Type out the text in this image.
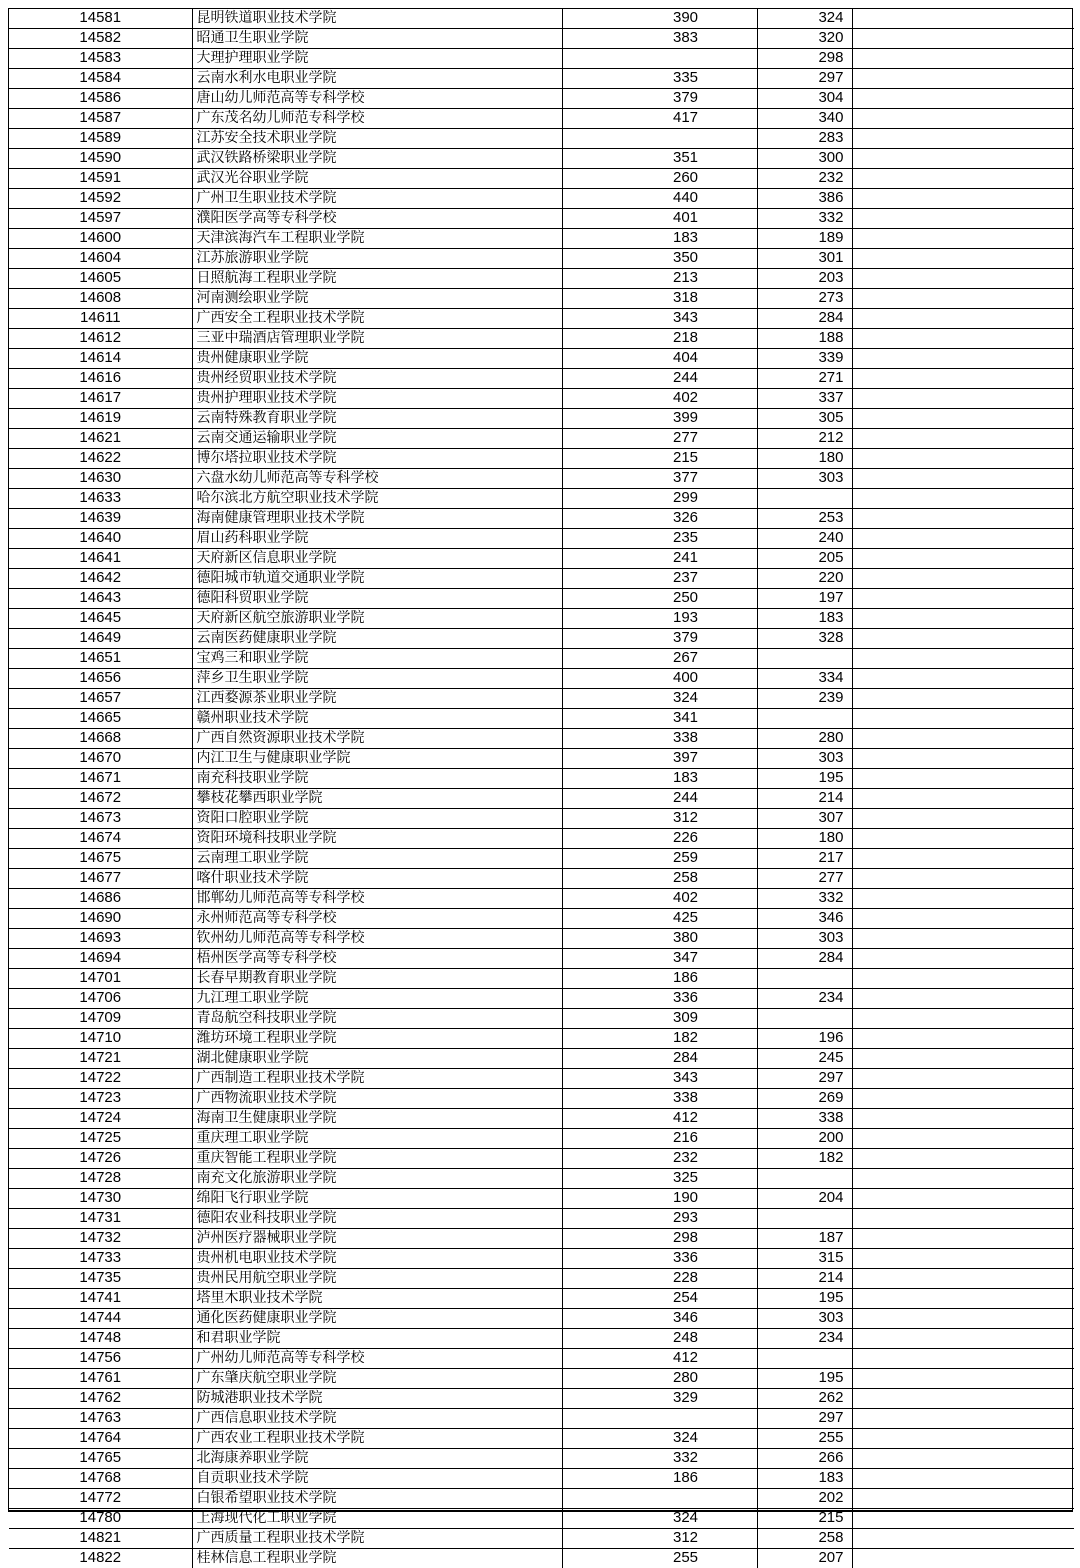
14581	昆明铁道职业技术学院	390	324	
14582	昭通卫生职业学院	383	320	
14583	大理护理职业学院		298	
14584	云南水利水电职业学院	335	297	
14586	唐山幼儿师范高等专科学校	379	304	
14587	广东茂名幼儿师范专科学校	417	340	
14589	江苏安全技术职业学院		283	
14590	武汉铁路桥梁职业学院	351	300	
14591	武汉光谷职业学院	260	232	
14592	广州卫生职业技术学院	440	386	
14597	濮阳医学高等专科学校	401	332	
14600	天津滨海汽车工程职业学院	183	189	
14604	江苏旅游职业学院	350	301	
14605	日照航海工程职业学院	213	203	
14608	河南测绘职业学院	318	273	
14611	广西安全工程职业技术学院	343	284	
14612	三亚中瑞酒店管理职业学院	218	188	
14614	贵州健康职业学院	404	339	
14616	贵州经贸职业技术学院	244	271	
14617	贵州护理职业技术学院	402	337	
14619	云南特殊教育职业学院	399	305	
14621	云南交通运输职业学院	277	212	
14622	博尔塔拉职业技术学院	215	180	
14630	六盘水幼儿师范高等专科学校	377	303	
14633	哈尔滨北方航空职业技术学院	299		
14639	海南健康管理职业技术学院	326	253	
14640	眉山药科职业学院	235	240	
14641	天府新区信息职业学院	241	205	
14642	德阳城市轨道交通职业学院	237	220	
14643	德阳科贸职业学院	250	197	
14645	天府新区航空旅游职业学院	193	183	
14649	云南医药健康职业学院	379	328	
14651	宝鸡三和职业学院	267		
14656	萍乡卫生职业学院	400	334	
14657	江西婺源茶业职业学院	324	239	
14665	赣州职业技术学院	341		
14668	广西自然资源职业技术学院	338	280	
14670	内江卫生与健康职业学院	397	303	
14671	南充科技职业学院	183	195	
14672	攀枝花攀西职业学院	244	214	
14673	资阳口腔职业学院	312	307	
14674	资阳环境科技职业学院	226	180	
14675	云南理工职业学院	259	217	
14677	喀什职业技术学院	258	277	
14686	邯郸幼儿师范高等专科学校	402	332	
14690	永州师范高等专科学校	425	346	
14693	钦州幼儿师范高等专科学校	380	303	
14694	梧州医学高等专科学校	347	284	
14701	长春早期教育职业学院	186		
14706	九江理工职业学院	336	234	
14709	青岛航空科技职业学院	309		
14710	潍坊环境工程职业学院	182	196	
14721	湖北健康职业学院	284	245	
14722	广西制造工程职业技术学院	343	297	
14723	广西物流职业技术学院	338	269	
14724	海南卫生健康职业学院	412	338	
14725	重庆理工职业学院	216	200	
14726	重庆智能工程职业学院	232	182	
14728	南充文化旅游职业学院	325		
14730	绵阳飞行职业学院	190	204	
14731	德阳农业科技职业学院	293		
14732	泸州医疗器械职业学院	298	187	
14733	贵州机电职业技术学院	336	315	
14735	贵州民用航空职业学院	228	214	
14741	塔里木职业技术学院	254	195	
14744	通化医药健康职业学院	346	303	
14748	和君职业学院	248	234	
14756	广州幼儿师范高等专科学校	412		
14761	广东肇庆航空职业学院	280	195	
14762	防城港职业技术学院	329	262	
14763	广西信息职业技术学院		297	
14764	广西农业工程职业技术学院	324	255	
14765	北海康养职业学院	332	266	
14768	自贡职业技术学院	186	183	
14772	白银希望职业技术学院		202	
14780	上海现代化工职业学院	324	215	
14821	广西质量工程职业技术学院	312	258	
14822	桂林信息工程职业学院	255	207	
